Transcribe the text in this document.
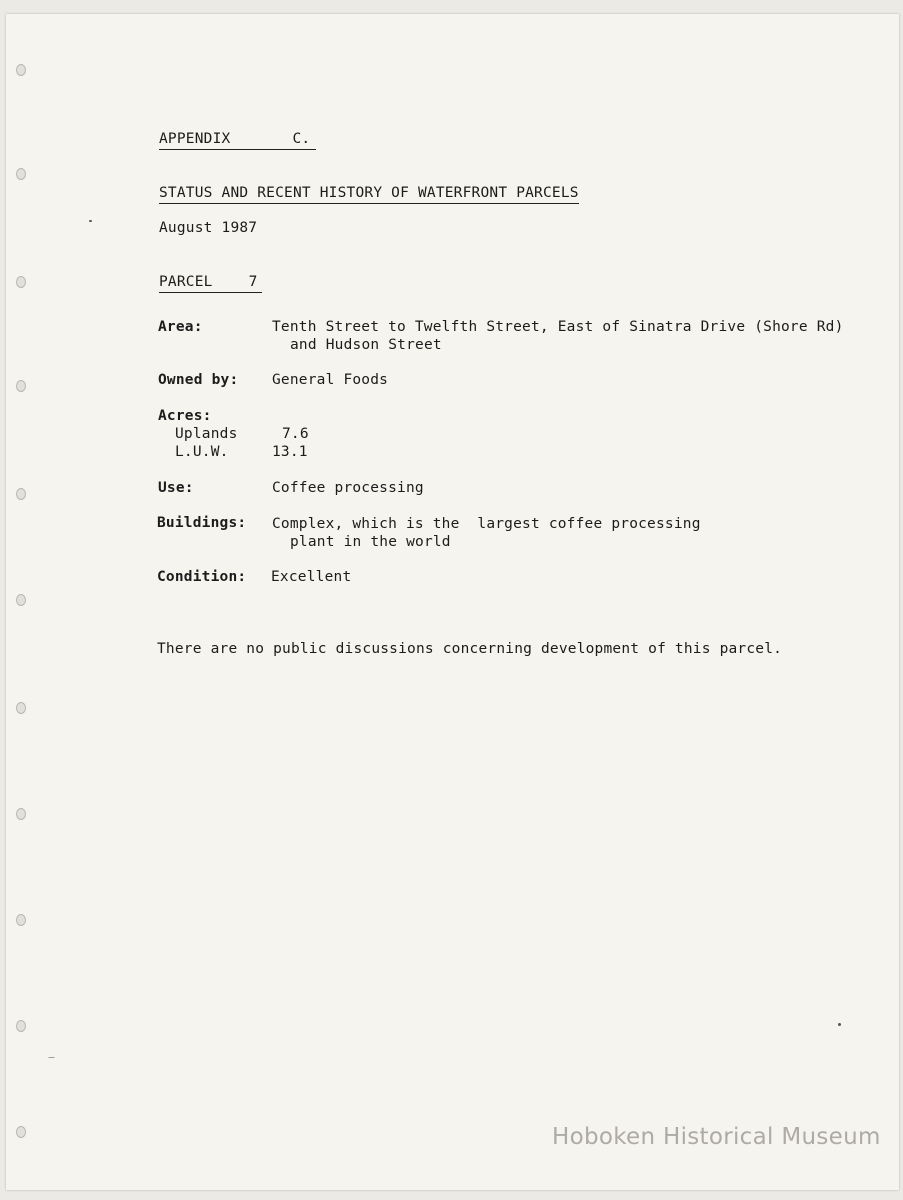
APPENDIX	C.
STATUS AND RECENT HISTORY OF WATERFRONT PARCELS
August 1987
PARCEL 7
Area:	Tenth Street to Twelfth Street, East of Sinatra Drive (Shore Rd)
and Hudson Street
Owned by: General Foods
Acres:
Uplands	7.6
L.U.W.	13.1
Use:	Coffee processing
Buildings: Complex, which is the  largest coffee processing
plant in the world
Condition: Excellent
There are no public discussions concerning development of this parcel.
Hoboken Historical Museum
